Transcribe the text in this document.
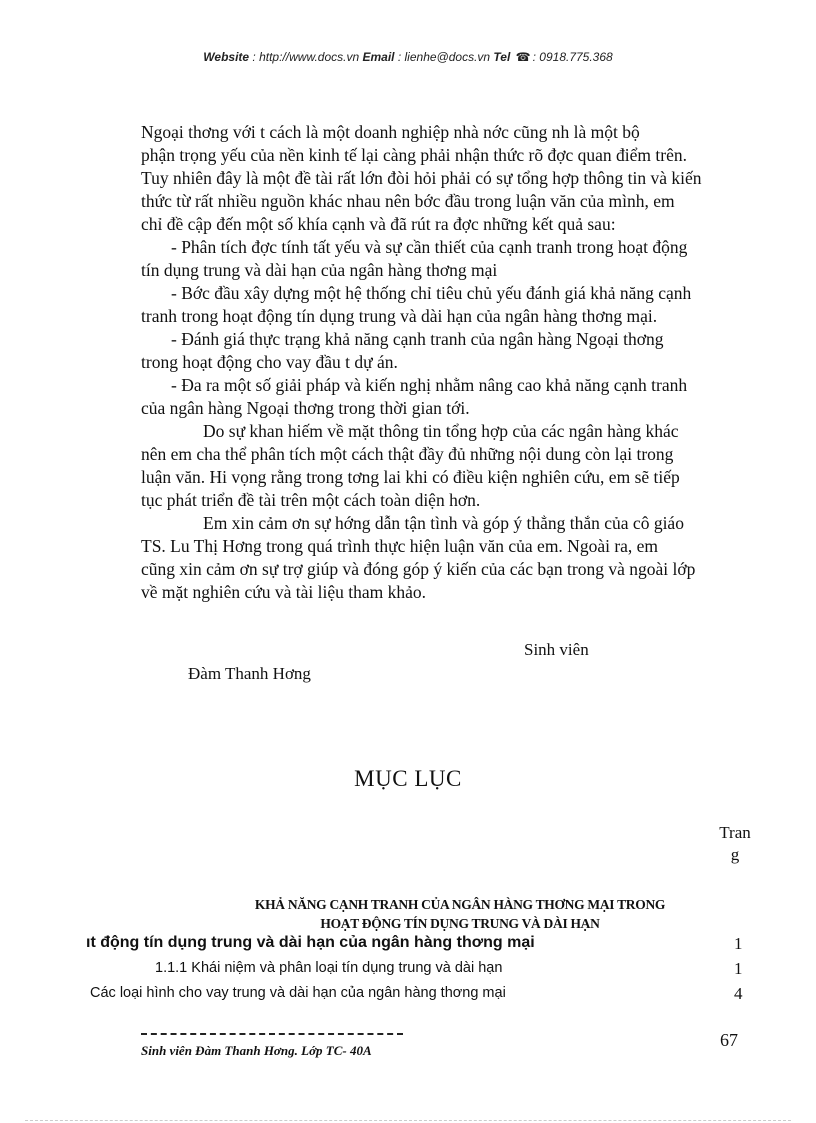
Website : http://www.docs.vn Email : lienhe@docs.vn Tel ☎ : 0918.775.368
Ngoại thơng với t cách là một doanh nghiệp nhà nớc cũng nh là một bộ
phận trọng yếu của nền kinh tế lại càng phải nhận thức rõ đợc quan điểm trên.
Tuy nhiên đây là một đề tài rất lớn đòi hỏi phải có sự tổng hợp thông tin và kiến
thức từ rất nhiều nguồn khác nhau nên bớc đầu trong luận văn của mình, em
chỉ đề cập đến một số khía cạnh và đã rút ra đợc những kết quả sau:
- Phân tích đợc tính tất yếu và sự cần thiết của cạnh tranh trong hoạt động
tín dụng trung và dài hạn của ngân hàng thơng mại
- Bớc đầu xây dựng một hệ thống chỉ tiêu chủ yếu đánh giá khả năng cạnh
tranh trong hoạt động tín dụng trung và dài hạn của ngân hàng thơng mại.
- Đánh giá thực trạng khả năng cạnh tranh của ngân hàng Ngoại thơng
trong hoạt động cho vay đầu t dự án.
- Đa ra một số giải pháp và kiến nghị nhằm nâng cao khả năng cạnh tranh
của ngân hàng Ngoại thơng trong thời gian tới.
Do sự khan hiếm về mặt thông tin tổng hợp của các ngân hàng khác
nên em cha thể phân tích một cách thật đầy đủ những nội dung còn lại trong
luận văn. Hi vọng rằng trong tơng lai khi có điều kiện nghiên cứu, em sẽ tiếp
tục phát triển đề tài trên một cách toàn diện hơn.
Em xin cảm ơn sự hớng dẫn tận tình và góp ý thẳng thắn của cô giáo
TS. Lu Thị Hơng trong quá trình thực hiện luận văn của em. Ngoài ra, em
cũng xin cảm ơn sự trợ giúp và đóng góp ý kiến của các bạn trong và ngoài lớp
về mặt nghiên cứu và tài liệu tham khảo.
Sinh viên
Đàm Thanh Hơng
MỤC LỤC
Tran
g
KHẢ NĂNG CẠNH TRANH CỦA NGÂN HÀNG THƠNG MẠI TRONG
HOẠT ĐỘNG TÍN DỤNG TRUNG VÀ DÀI HẠN
ıt động tín dụng trung và dài hạn của ngân hàng thơng mại	1
1.1.1 Khái niệm và phân loại tín dụng trung và dài hạn	1
Các loại hình cho vay trung và dài hạn của ngân hàng thơng mại	4
Sinh viên Đàm Thanh Hơng. Lớp TC- 40A
67
